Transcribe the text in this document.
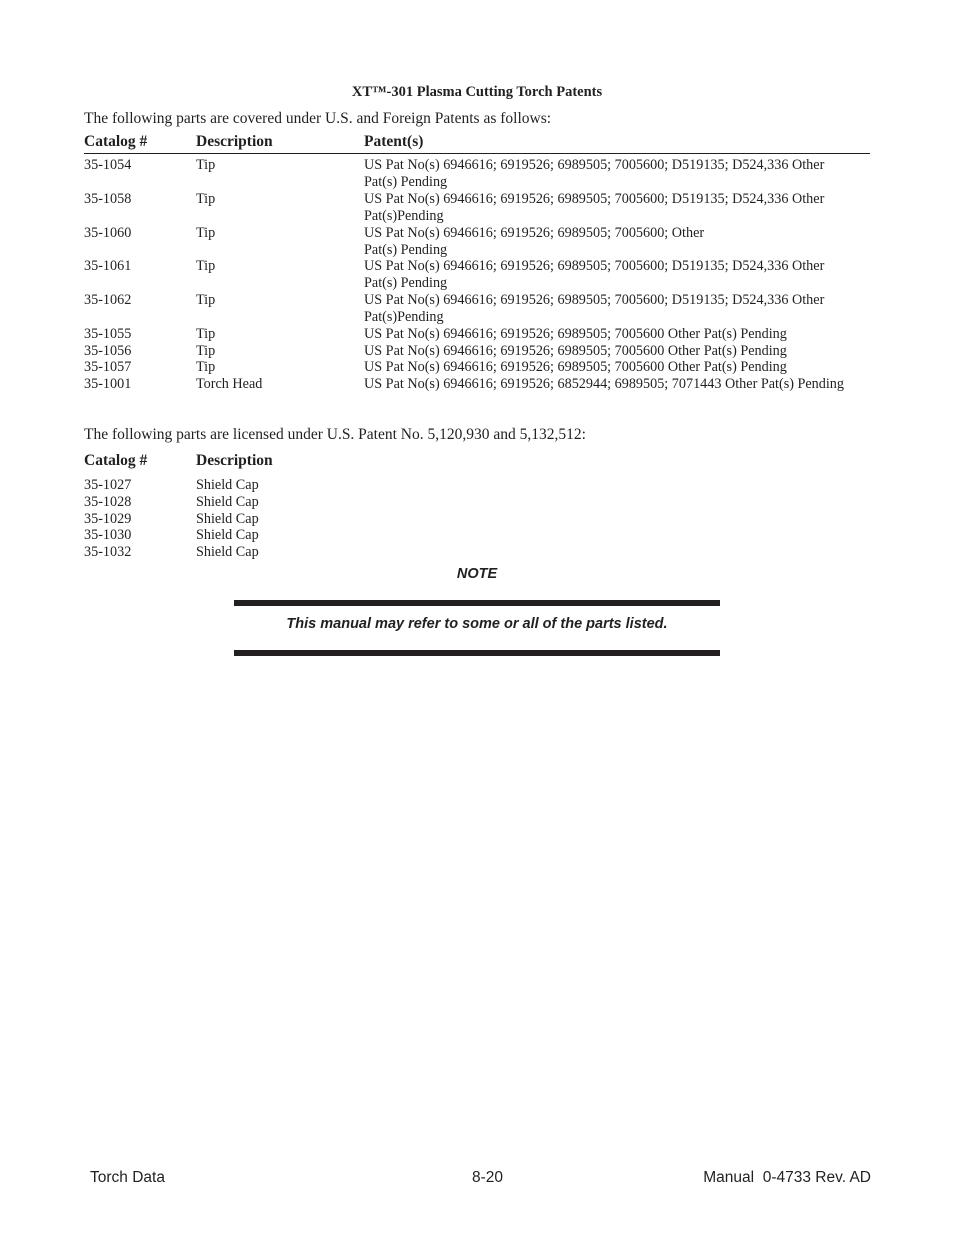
XT™-301 Plasma Cutting Torch Patents
The following parts are covered under U.S. and Foreign Patents as follows:
Catalog #	Description	Patent(s)
35-1054	Tip	US Pat No(s) 6946616; 6919526; 6989505; 7005600; D519135; D524,336 Other
Pat(s) Pending
35-1058	Tip	US Pat No(s) 6946616; 6919526; 6989505; 7005600; D519135; D524,336 Other
Pat(s)Pending
35-1060	Tip	US Pat No(s) 6946616; 6919526; 6989505; 7005600; Other
Pat(s) Pending
35-1061	Tip	US Pat No(s) 6946616; 6919526; 6989505; 7005600; D519135; D524,336 Other
Pat(s) Pending
35-1062	Tip	US Pat No(s) 6946616; 6919526; 6989505; 7005600; D519135; D524,336 Other
Pat(s)Pending
35-1055	Tip	US Pat No(s) 6946616; 6919526; 6989505; 7005600 Other Pat(s) Pending
35-1056	Tip	US Pat No(s) 6946616; 6919526; 6989505; 7005600 Other Pat(s) Pending
35-1057	Tip	US Pat No(s) 6946616; 6919526; 6989505; 7005600 Other Pat(s) Pending
35-1001	Torch Head	US Pat No(s) 6946616; 6919526; 6852944; 6989505; 7071443 Other Pat(s) Pending
The following parts are licensed under U.S. Patent No. 5,120,930 and 5,132,512:
Catalog #	Description
35-1027	Shield Cap
35-1028	Shield Cap
35-1029	Shield Cap
35-1030	Shield Cap
35-1032	Shield Cap
NOTE
This manual may refer to some or all of the parts listed.
Torch Data	8-20	Manual  0-4733 Rev. AD
